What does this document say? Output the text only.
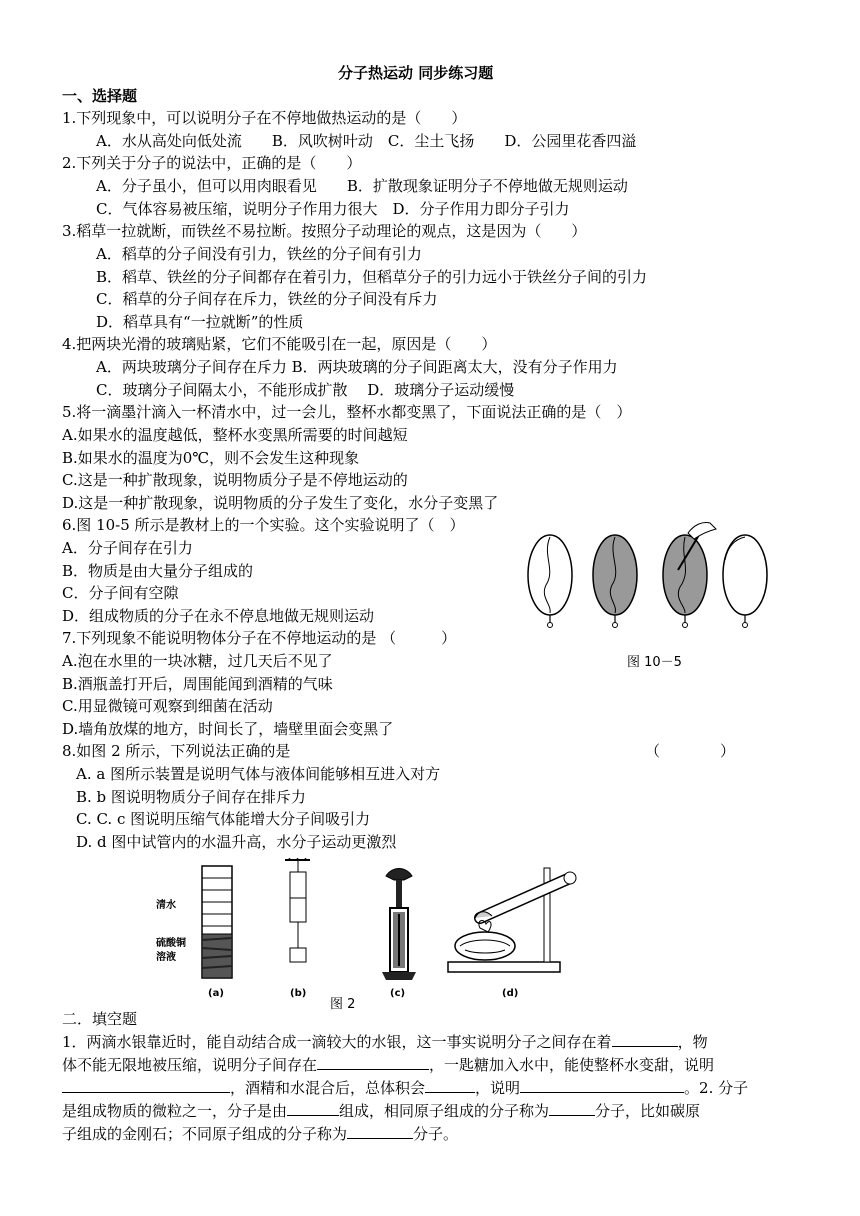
分子热运动 同步练习题
一、选择题
1.下列现象中，可以说明分子在不停地做热运动的是（　　）
A．水从高处向低处流　　B．风吹树叶动　C．尘土飞扬　　D．公园里花香四溢
2.下列关于分子的说法中，正确的是（　　）
A．分子虽小，但可以用肉眼看见　　B．扩散现象证明分子不停地做无规则运动
C．气体容易被压缩，说明分子作用力很大　D．分子作用力即分子引力
3.稻草一拉就断，而铁丝不易拉断。按照分子动理论的观点，这是因为（　　）
A．稻草的分子间没有引力，铁丝的分子间有引力
B．稻草、铁丝的分子间都存在着引力，但稻草分子的引力远小于铁丝分子间的引力
C．稻草的分子间存在斥力，铁丝的分子间没有斥力
D．稻草具有“一拉就断”的性质
4.把两块光滑的玻璃贴紧，它们不能吸引在一起，原因是（　　）
A．两块玻璃分子间存在斥力 B．两块玻璃的分子间距离太大，没有分子作用力
C．玻璃分子间隔太小，不能形成扩散　 D．玻璃分子运动缓慢
5.将一滴墨汁滴入一杯清水中，过一会儿，整杯水都变黑了，下面说法正确的是（　）
A.如果水的温度越低，整杯水变黑所需要的时间越短
B.如果水的温度为0℃，则不会发生这种现象
C.这是一种扩散现象，说明物质分子是不停地运动的
D.这是一种扩散现象，说明物质的分子发生了变化，水分子变黑了
6.图 10-5 所示是教材上的一个实验。这个实验说明了（　）
A．分子间存在引力
B．物质是由大量分子组成的
C．分子间有空隙
D．组成物质的分子在永不停息地做无规则运动
图 10－5
7.下列现象不能说明物体分子在不停地运动的是 （　　　）
A.泡在水里的一块冰糖，过几天后不见了
B.酒瓶盖打开后，周围能闻到酒精的气味
C.用显微镜可观察到细菌在活动
D.墙角放煤的地方，时间长了，墙壁里面会变黑了
8.如图 2 所示，下列说法正确的是	（　　　　）
A. a 图所示装置是说明气体与液体间能够相互进入对方
B. b 图说明物质分子间存在排斥力
C. C. c 图说明压缩气体能增大分子间吸引力
D. d 图中试管内的水温升高，水分子运动更激烈
清水
硫酸铜
溶液
(a)	(b)	(c)	(d)
图 2
二．填空题
1．两滴水银靠近时，能自动结合成一滴较大的水银，这一事实说明分子之间存在着	，物
体不能无限地被压缩，说明分子间存在	，一匙糖加入水中，能使整杯水变甜，说明
，酒精和水混合后，总体积会	，说明	。2. 分子
是组成物质的微粒之一，分子是由	组成，相同原子组成的分子称为	分子，比如碳原
子组成的金刚石；不同原子组成的分子称为	分子。
